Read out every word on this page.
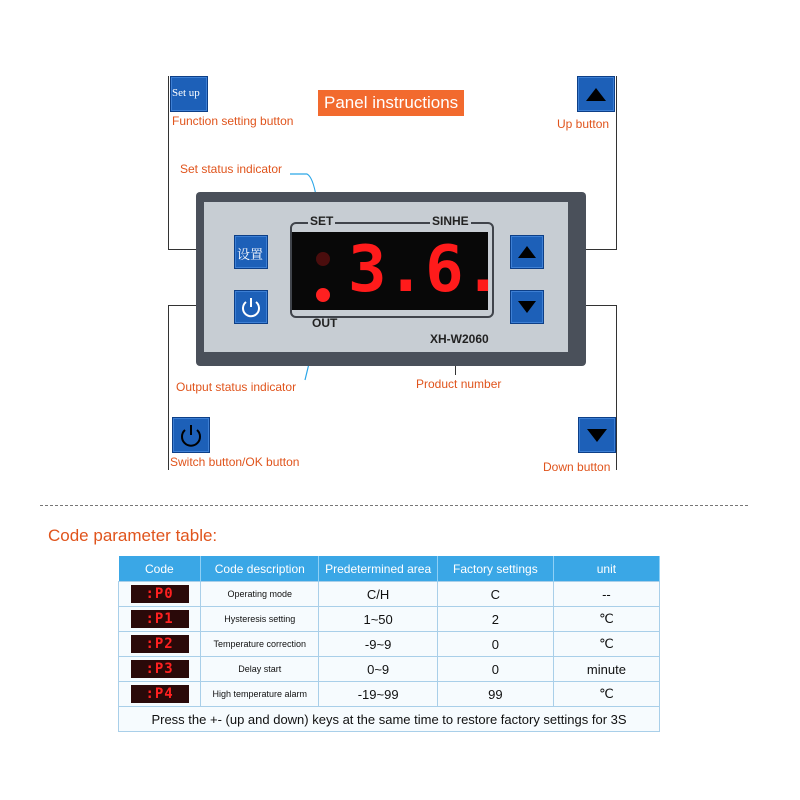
Panel instructions
Set up
Function setting button	Up button
Set status indicator
SET	SINHE
3.6.
OUT
XH-W2060
设置
Output status indicator	Product number
Switch button/OK button	Down button
Code parameter table:
Code	Code description	Predetermined area	Factory settings	unit
:P0	Operating mode	C/H	C	--
:P1	Hysteresis setting	1~50	2	℃
:P2	Temperature correction	-9~9	0	℃
:P3	Delay start	0~9	0	minute
:P4	High temperature alarm	-19~99	99	℃
Press the +- (up and down) keys at the same time to restore factory settings for 3S				
